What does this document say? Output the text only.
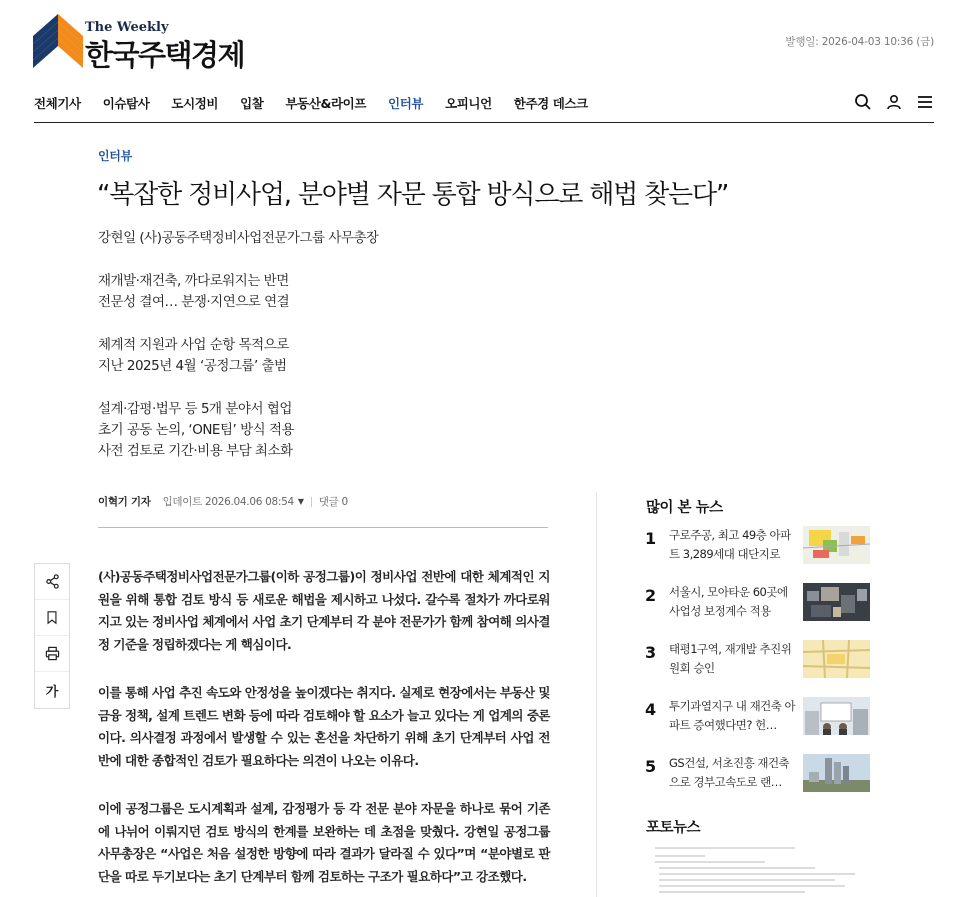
The Weekly
한국주택경제	발행일: 2026-04-03 10:36 (금)
전체기사 이슈탐사 도시정비 입찰 부동산&라이프 인터뷰 오피니언 한주경 데스크
인터뷰
“복잡한 정비사업, 분야별 자문 통합 방식으로 해법 찾는다”
강현일 (사)공동주택정비사업전문가그룹 사무총장
재개발·재건축, 까다로워지는 반면
전문성 결여… 분쟁·지연으로 연결
체계적 지원과 사업 순항 목적으로
지난 2025년 4월 ‘공정그룹’ 출범
설계·감평·법무 등 5개 분야서 협업
초기 공동 논의, ‘ONE팀’ 방식 적용
사전 검토로 기간·비용 부담 최소화
이혁기 기자 입데이트 2026.04.06 08:54 ▼ 댓글 0
가

(사)공동주택정비사업전문가그룹(이하 공정그룹)이 정비사업 전반에 대한 체계적인 지원을 위해 통합 검토 방식 등 새로운 해법을 제시하고 나섰다. 갈수록 절차가 까다로워지고 있는 정비사업 체계에서 사업 초기 단계부터 각 분야 전문가가 함께 참여해 의사결정 기준을 정립하겠다는 게 핵심이다.

이를 통해 사업 추진 속도와 안정성을 높이겠다는 취지다. 실제로 현장에서는 부동산 및 금융 정책, 설계 트렌드 변화 등에 따라 검토해야 할 요소가 늘고 있다는 게 업계의 중론이다. 의사결정 과정에서 발생할 수 있는 혼선을 차단하기 위해 초기 단계부터 사업 전반에 대한 종합적인 검토가 필요하다는 의견이 나오는 이유다.

이에 공정그룹은 도시계획과 설계, 감정평가 등 각 전문 분야 자문을 하나로 묶어 기존에 나뉘어 이뤄지던 검토 방식의 한계를 보완하는 데 초점을 맞췄다. 강현일 공정그룹 사무총장은 “사업은 처음 설정한 방향에 따라 결과가 달라질 수 있다”며 “분야별로 판단을 따로 두기보다는 초기 단계부터 함께 검토하는 구조가 필요하다”고 강조했다.

많이 본 뉴스
1 구로주공, 최고 49층 아파트 3,289세대 대단지로
2 서울시, 모아타운 60곳에 사업성 보정계수 적용
3 태평1구역, 재개발 추진위원회 승인
4 투기과열지구 내 재건축 아파트 증여했다면? 헌…
5 GS건설, 서초진흥 재건축으로 경부고속도로 랜…
포토뉴스
